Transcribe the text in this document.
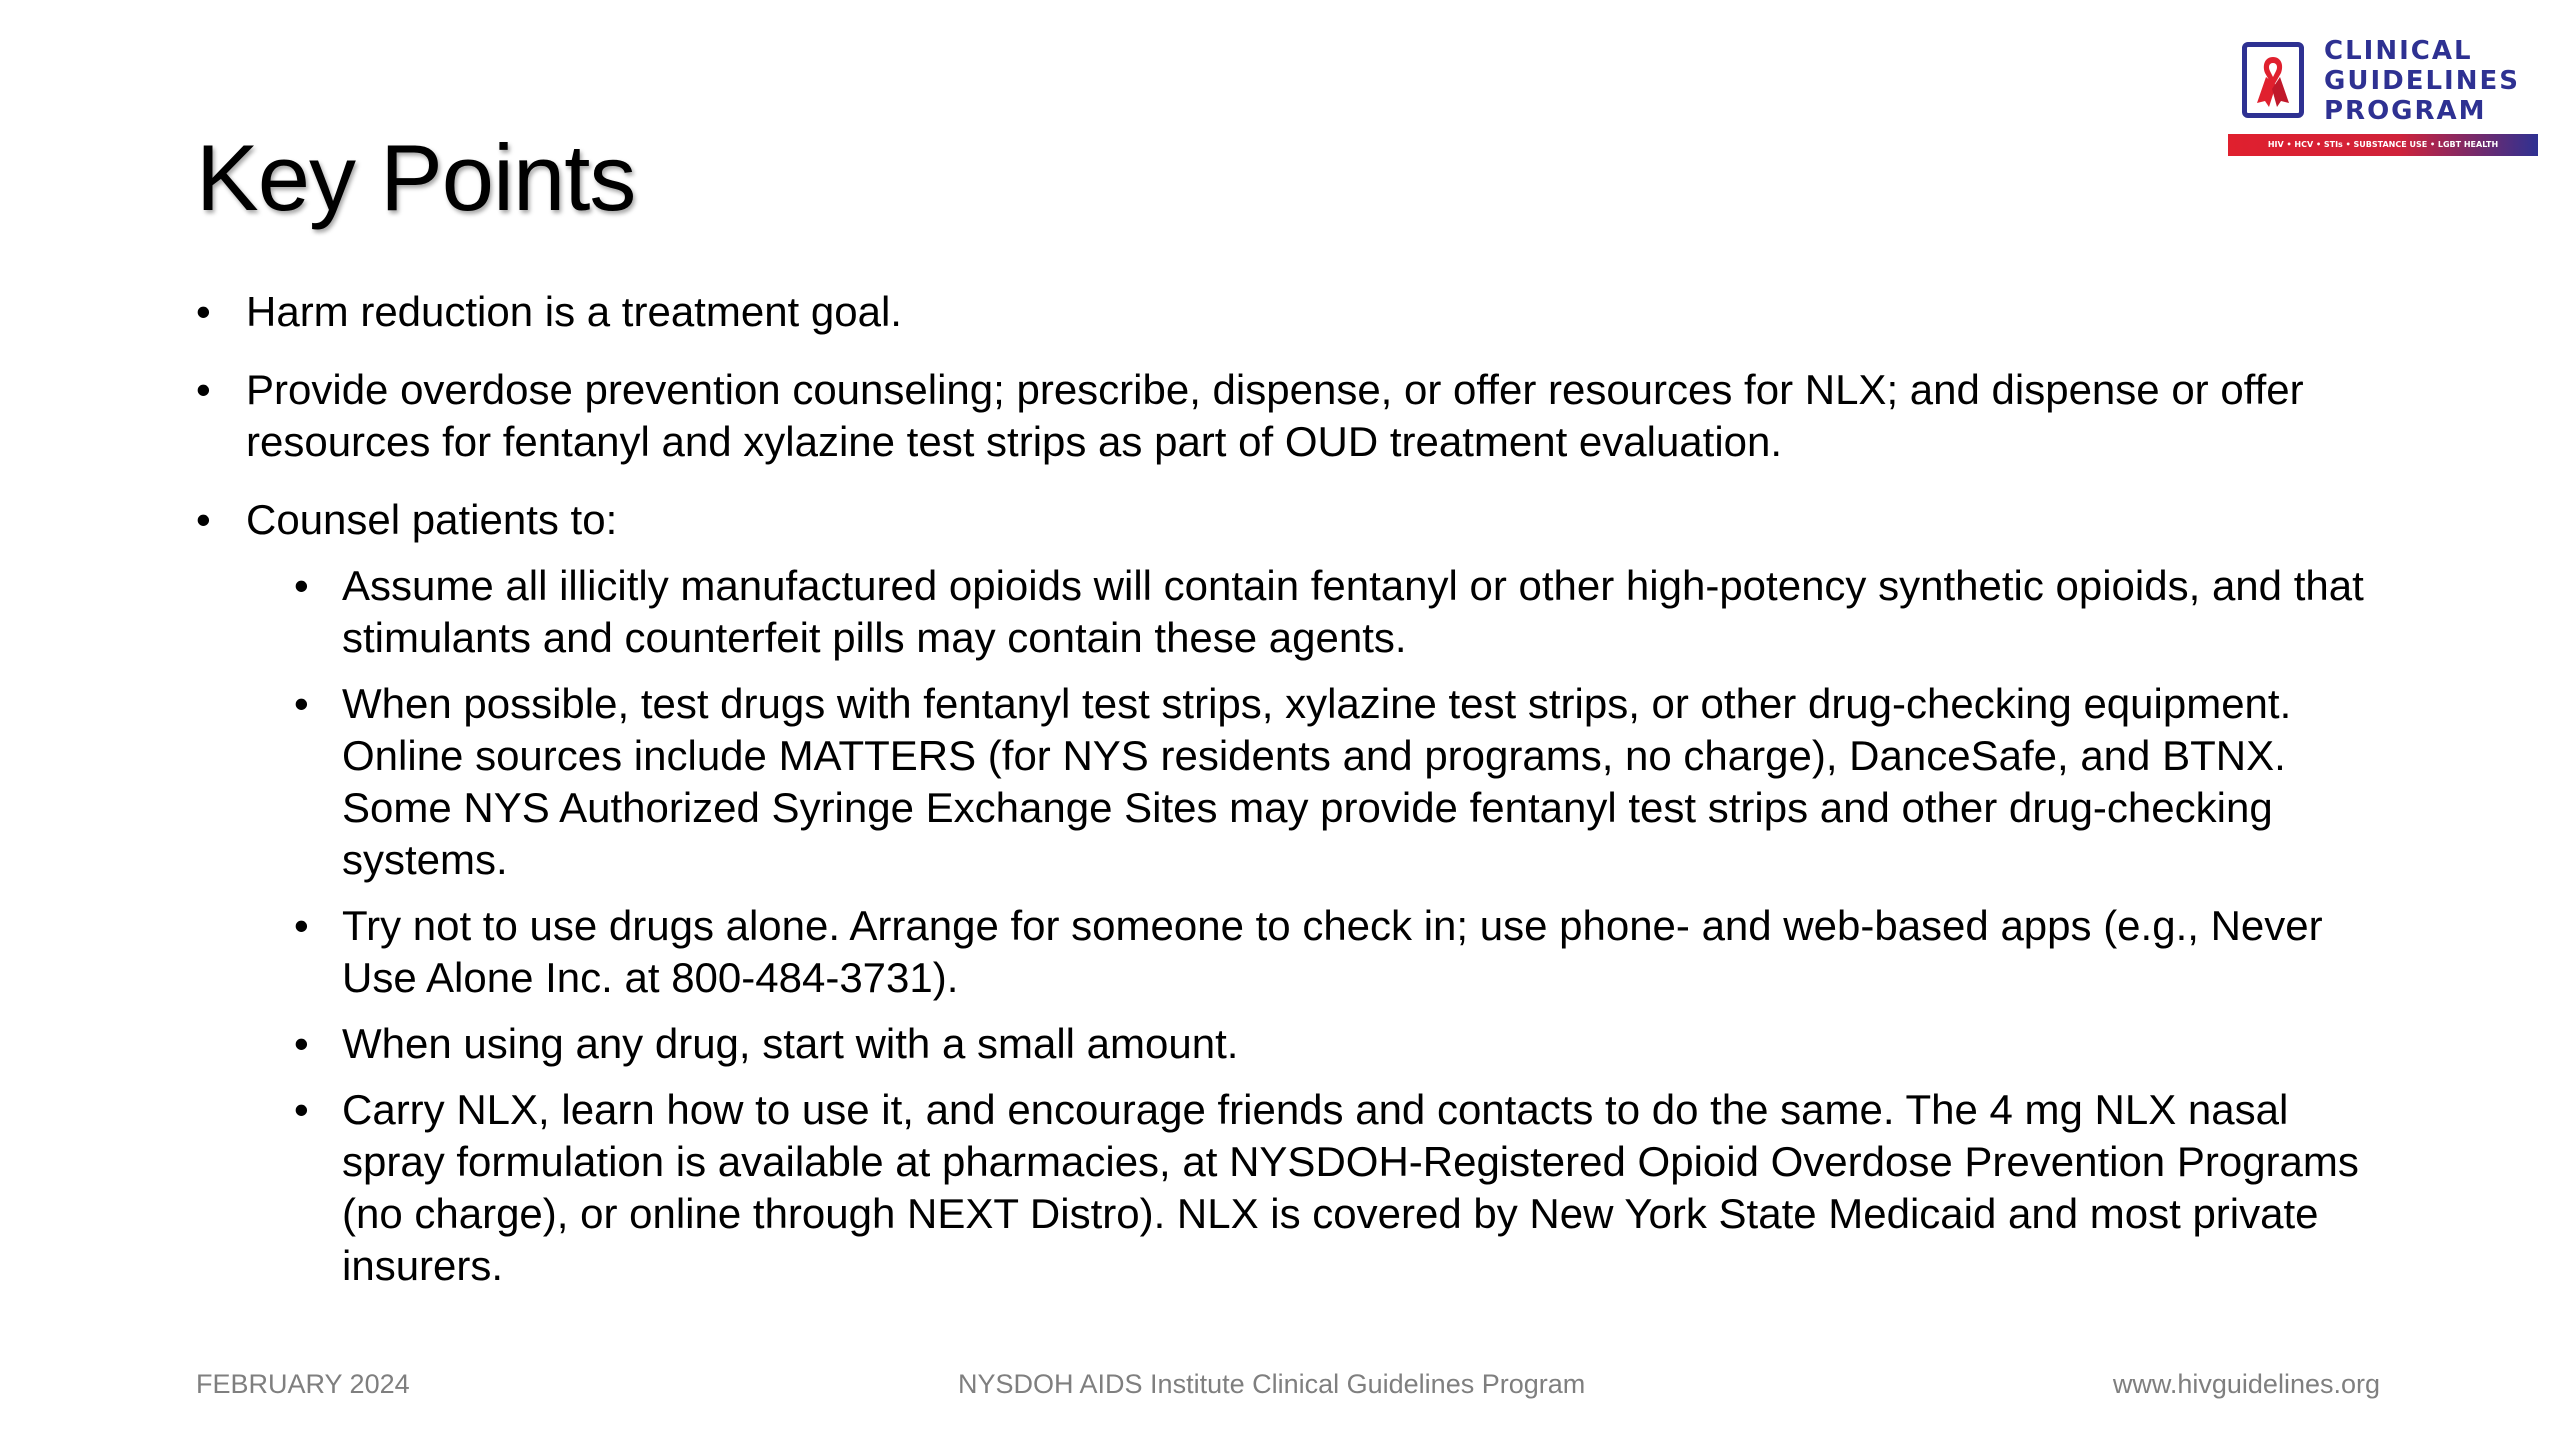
Key Points
CLINICAL
GUIDELINES
PROGRAM
HIV • HCV • STIs • SUBSTANCE USE • LGBT HEALTH
• Harm reduction is a treatment goal.
• Provide overdose prevention counseling; prescribe, dispense, or offer resources for NLX; and dispense or offer resources for fentanyl and xylazine test strips as part of OUD treatment evaluation.
• Counsel patients to:
• Assume all illicitly manufactured opioids will contain fentanyl or other high-potency synthetic opioids, and that stimulants and counterfeit pills may contain these agents.
• When possible, test drugs with fentanyl test strips, xylazine test strips, or other drug-checking equipment. Online sources include MATTERS (for NYS residents and programs, no charge), DanceSafe, and BTNX. Some NYS Authorized Syringe Exchange Sites may provide fentanyl test strips and other drug-checking systems.
• Try not to use drugs alone. Arrange for someone to check in; use phone- and web-based apps (e.g., Never Use Alone Inc. at 800-484-3731).
• When using any drug, start with a small amount.
• Carry NLX, learn how to use it, and encourage friends and contacts to do the same. The 4 mg NLX nasal spray formulation is available at pharmacies, at NYSDOH-Registered Opioid Overdose Prevention Programs (no charge), or online through NEXT Distro). NLX is covered by New York State Medicaid and most private insurers.
FEBRUARY 2024	NYSDOH AIDS Institute Clinical Guidelines Program	www.hivguidelines.org
